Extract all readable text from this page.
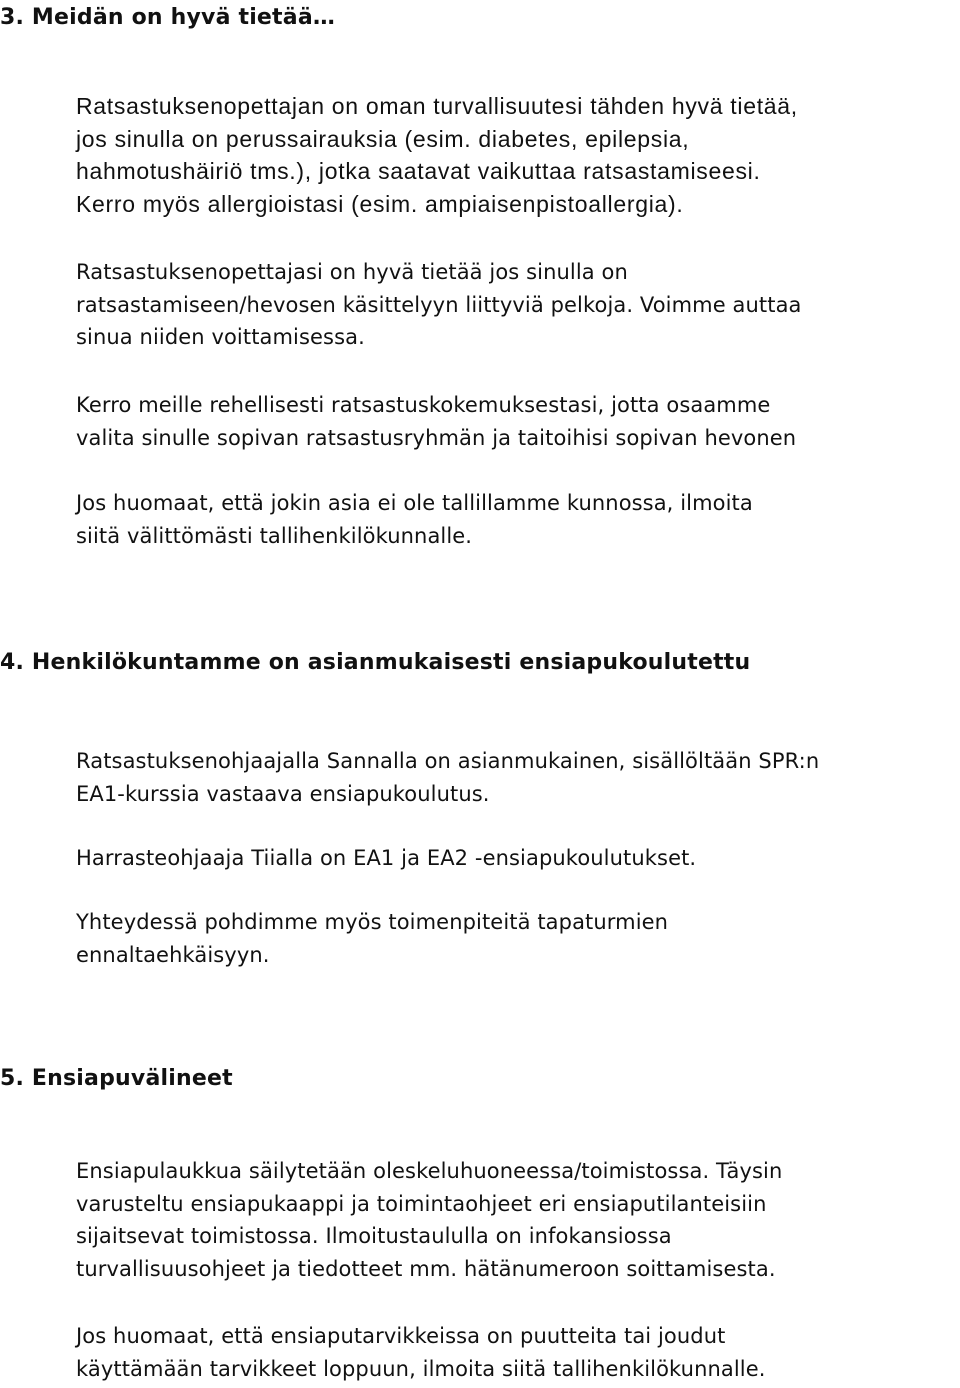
3. Meidän on hyvä tietää…

Ratsastuksenopettajan on oman turvallisuutesi tähden hyvä tietää,
jos sinulla on perussairauksia (esim. diabetes, epilepsia,
hahmotushäiriö tms.), jotka saatavat vaikuttaa ratsastamiseesi.
Kerro myös allergioistasi (esim. ampiaisenpistoallergia).

Ratsastuksenopettajasi on hyvä tietää jos sinulla on
ratsastamiseen/hevosen käsittelyyn liittyviä pelkoja. Voimme auttaa
sinua niiden voittamisessa.

Kerro meille rehellisesti ratsastuskokemuksestasi, jotta osaamme
valita sinulle sopivan ratsastusryhmän ja taitoihisi sopivan hevonen

Jos huomaat, että jokin asia ei ole tallillamme kunnossa, ilmoita
siitä välittömästi tallihenkilökunnalle.

4. Henkilökuntamme on asianmukaisesti ensiapukoulutettu

Ratsastuksenohjaajalla Sannalla on asianmukainen, sisällöltään SPR:n
EA1-kurssia vastaava ensiapukoulutus.

Harrasteohjaaja Tiialla on EA1 ja EA2 -ensiapukoulutukset.

Yhteydessä pohdimme myös toimenpiteitä tapaturmien
ennaltaehkäisyyn.

5. Ensiapuvälineet

Ensiapulaukkua säilytetään oleskeluhuoneessa/toimistossa. Täysin
varusteltu ensiapukaappi ja toimintaohjeet eri ensiaputilanteisiin
sijaitsevat toimistossa. Ilmoitustaululla on infokansiossa
turvallisuusohjeet ja tiedotteet mm. hätänumeroon soittamisesta.

Jos huomaat, että ensiaputarvikkeissa on puutteita tai joudut
käyttämään tarvikkeet loppuun, ilmoita siitä tallihenkilökunnalle.
